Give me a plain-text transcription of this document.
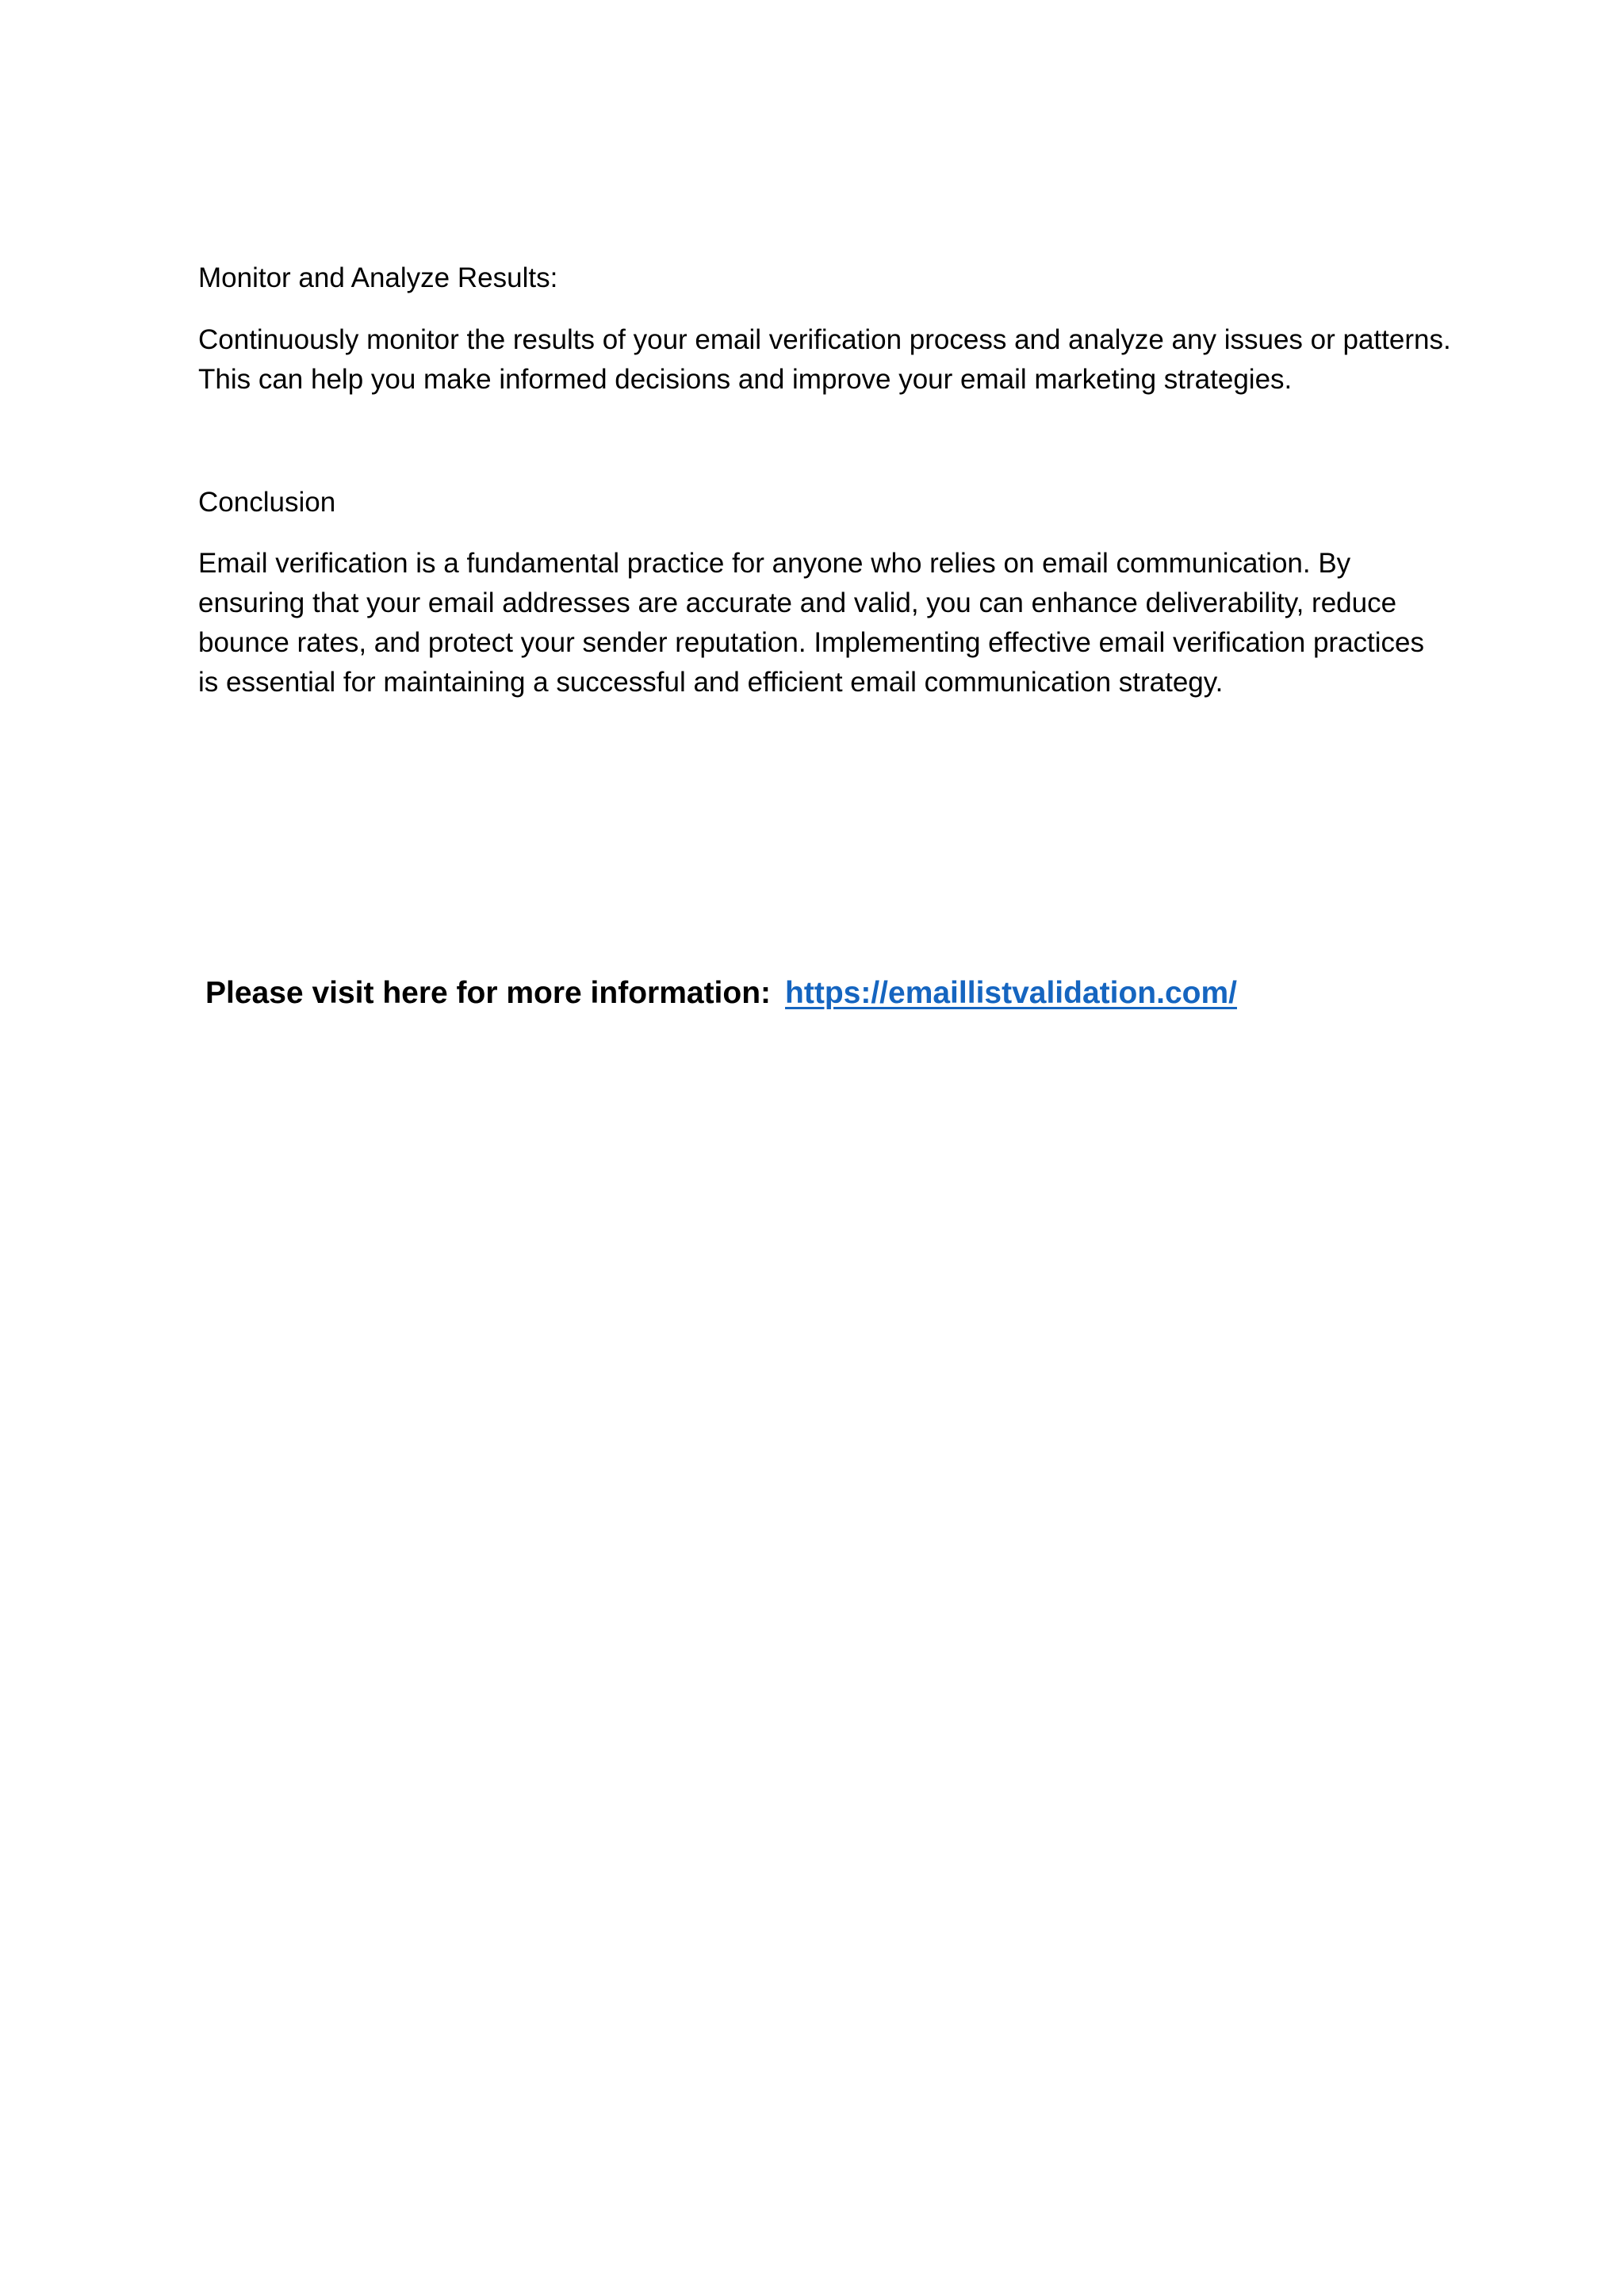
Monitor and Analyze Results:

Continuously monitor the results of your email verification process and analyze any issues or patterns. This can help you make informed decisions and improve your email marketing strategies.

Conclusion

Email verification is a fundamental practice for anyone who relies on email communication. By ensuring that your email addresses are accurate and valid, you can enhance deliverability, reduce bounce rates, and protect your sender reputation. Implementing effective email verification practices is essential for maintaining a successful and efficient email communication strategy.

Please visit here for more information: https://emaillistvalidation.com/
